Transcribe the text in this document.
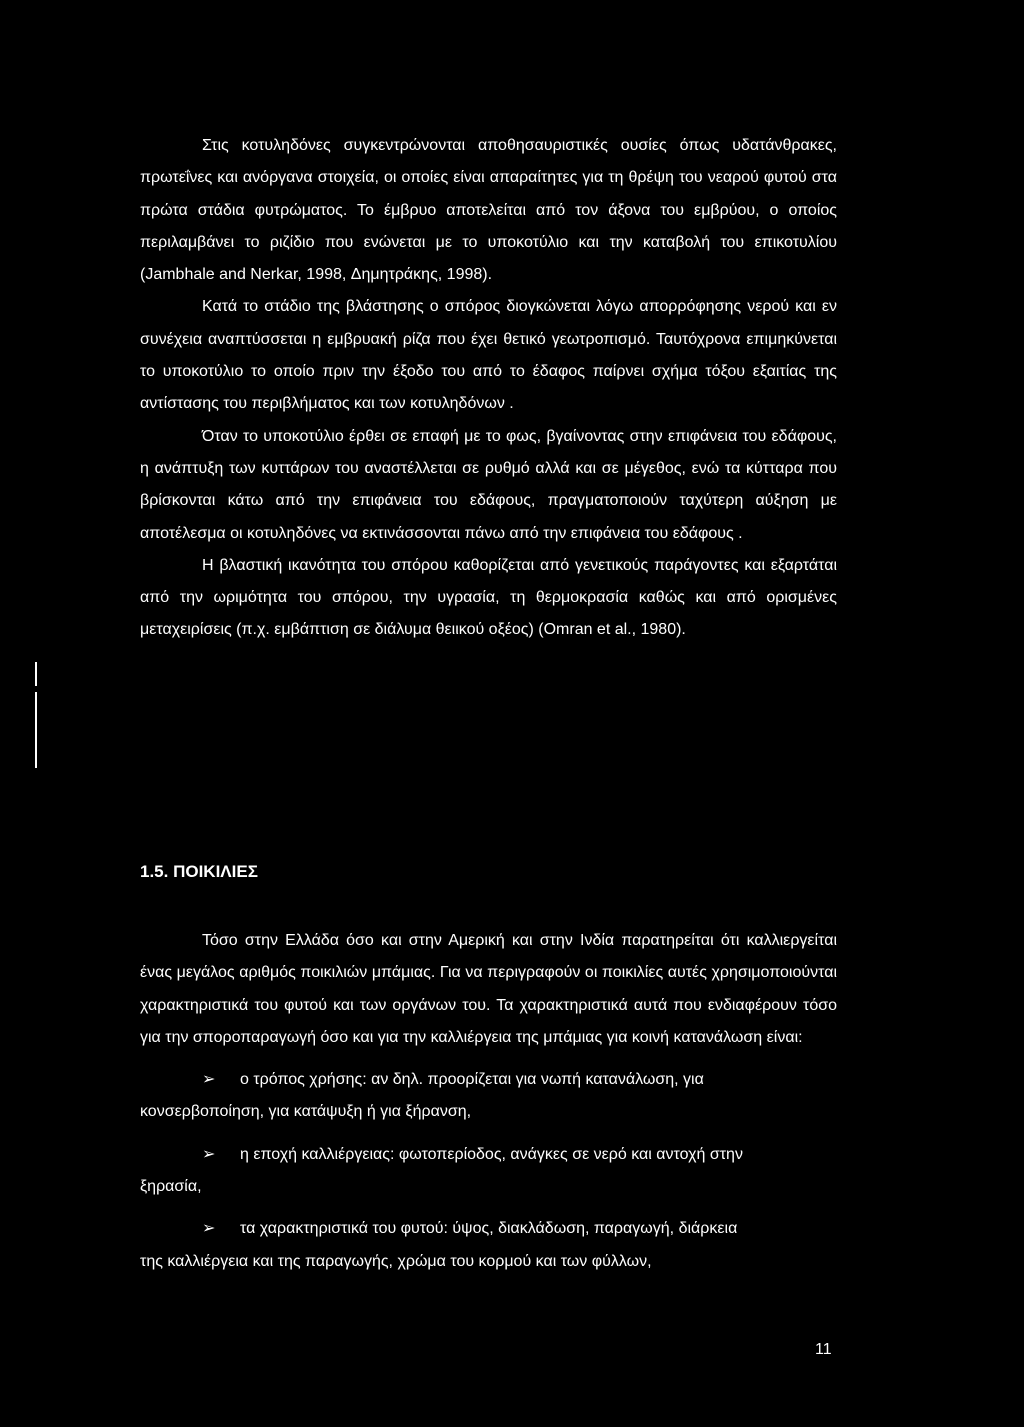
Στις κοτυληδόνες συγκεντρώνονται αποθησαυριστικές ουσίες όπως υδατάνθρακες, πρωτεΐνες και ανόργανα στοιχεία, οι οποίες είναι απαραίτητες για τη θρέψη του νεαρού φυτού στα πρώτα στάδια φυτρώματος. Το έμβρυο αποτελείται από τον άξονα του εμβρύου, ο οποίος περιλαμβάνει το ριζίδιο που ενώνεται με το υποκοτύλιο και την καταβολή του επικοτυλίου (Jambhale and Nerkar, 1998, Δημητράκης, 1998).

Κατά το στάδιο της βλάστησης ο σπόρος διογκώνεται λόγω απορρόφησης νερού και εν συνέχεια αναπτύσσεται η εμβρυακή ρίζα που έχει θετικό γεωτροπισμό. Ταυτόχρονα επιμηκύνεται το υποκοτύλιο το οποίο πριν την έξοδο του από το έδαφος παίρνει σχήμα τόξου εξαιτίας της αντίστασης του περιβλήματος και των κοτυληδόνων .

Όταν το υποκοτύλιο έρθει σε επαφή με το φως, βγαίνοντας στην επιφάνεια του εδάφους, η ανάπτυξη των κυττάρων του αναστέλλεται σε ρυθμό αλλά και σε μέγεθος, ενώ τα κύτταρα που βρίσκονται κάτω από την επιφάνεια του εδάφους, πραγματοποιούν ταχύτερη αύξηση με αποτέλεσμα οι κοτυληδόνες να εκτινάσσονται πάνω από την επιφάνεια του εδάφους .

Η βλαστική ικανότητα του σπόρου καθορίζεται από γενετικούς παράγοντες και εξαρτάται από την ωριμότητα του σπόρου, την υγρασία, τη θερμοκρασία καθώς και από ορισμένες μεταχειρίσεις (π.χ. εμβάπτιση σε διάλυμα θειικού οξέος) (Omran et al., 1980).

1.5. ΠΟΙΚΙΛΙΕΣ

Τόσο στην Ελλάδα όσο και στην Αμερική και στην Ινδία παρατηρείται ότι καλλιεργείται ένας μεγάλος αριθμός ποικιλιών μπάμιας. Για να περιγραφούν οι ποικιλίες αυτές χρησιμοποιούνται χαρακτηριστικά του φυτού και των οργάνων του. Τα χαρακτηριστικά αυτά που ενδιαφέρουν τόσο για την σποροπαραγωγή όσο και για την καλλιέργεια της μπάμιας για κοινή κατανάλωση είναι:

➢ ο τρόπος χρήσης: αν δηλ. προορίζεται για νωπή κατανάλωση, για
κονσερβοποίηση, για κατάψυξη ή για ξήρανση,
➢ η εποχή καλλιέργειας: φωτοπερίοδος, ανάγκες σε νερό και αντοχή στην
ξηρασία,
➢ τα χαρακτηριστικά του φυτού: ύψος, διακλάδωση, παραγωγή, διάρκεια
της καλλιέργεια και της παραγωγής, χρώμα του κορμού και των φύλλων,
11
